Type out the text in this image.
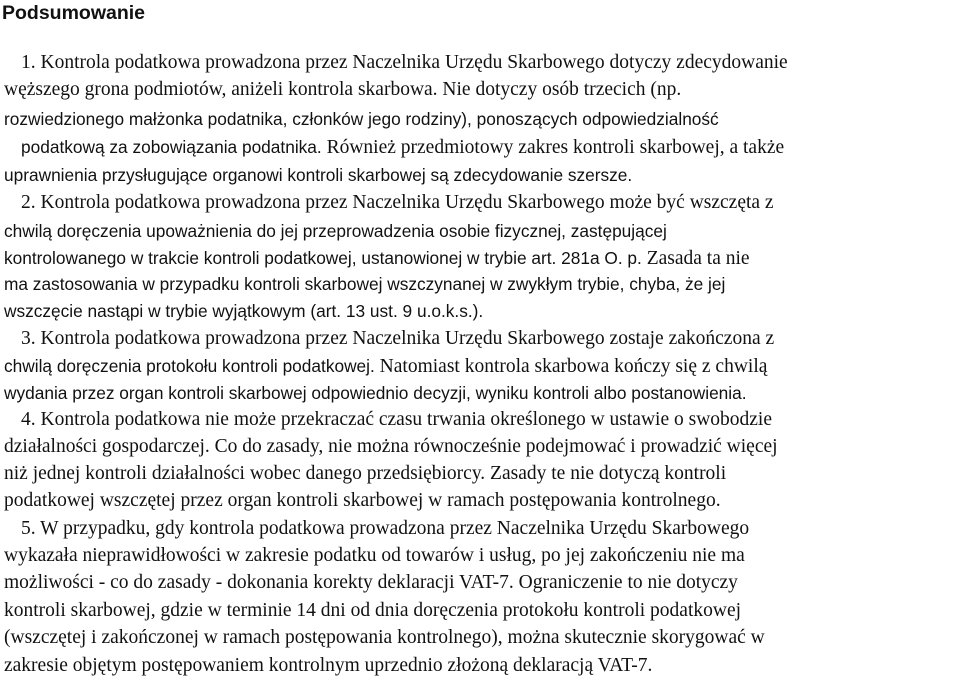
Podsumowanie
1. Kontrola podatkowa prowadzona przez Naczelnika Urzędu Skarbowego dotyczy zdecydowanie
węższego grona podmiotów, aniżeli kontrola skarbowa. Nie dotyczy osób trzecich (np.
rozwiedzionego małżonka podatnika, członków jego rodziny), ponoszących odpowiedzialność
podatkową za zobowiązania podatnika. Również przedmiotowy zakres kontroli skarbowej, a także
uprawnienia przysługujące organowi kontroli skarbowej są zdecydowanie szersze.
2. Kontrola podatkowa prowadzona przez Naczelnika Urzędu Skarbowego może być wszczęta z
chwilą doręczenia upoważnienia do jej przeprowadzenia osobie fizycznej, zastępującej
kontrolowanego w trakcie kontroli podatkowej, ustanowionej w trybie art. 281a O. p. Zasada ta nie
ma zastosowania w przypadku kontroli skarbowej wszczynanej w zwykłym trybie, chyba, że jej
wszczęcie nastąpi w trybie wyjątkowym (art. 13 ust. 9 u.o.k.s.).
3. Kontrola podatkowa prowadzona przez Naczelnika Urzędu Skarbowego zostaje zakończona z
chwilą doręczenia protokołu kontroli podatkowej. Natomiast kontrola skarbowa kończy się z chwilą
wydania przez organ kontroli skarbowej odpowiednio decyzji, wyniku kontroli albo postanowienia.
4. Kontrola podatkowa nie może przekraczać czasu trwania określonego w ustawie o swobodzie
działalności gospodarczej. Co do zasady, nie można równocześnie podejmować i prowadzić więcej
niż jednej kontroli działalności wobec danego przedsiębiorcy. Zasady te nie dotyczą kontroli
podatkowej wszczętej przez organ kontroli skarbowej w ramach postępowania kontrolnego.
5. W przypadku, gdy kontrola podatkowa prowadzona przez Naczelnika Urzędu Skarbowego
wykazała nieprawidłowości w zakresie podatku od towarów i usług, po jej zakończeniu nie ma
możliwości - co do zasady - dokonania korekty deklaracji VAT-7. Ograniczenie to nie dotyczy
kontroli skarbowej, gdzie w terminie 14 dni od dnia doręczenia protokołu kontroli podatkowej
(wszczętej i zakończonej w ramach postępowania kontrolnego), można skutecznie skorygować w
zakresie objętym postępowaniem kontrolnym uprzednio złożoną deklaracją VAT-7.
